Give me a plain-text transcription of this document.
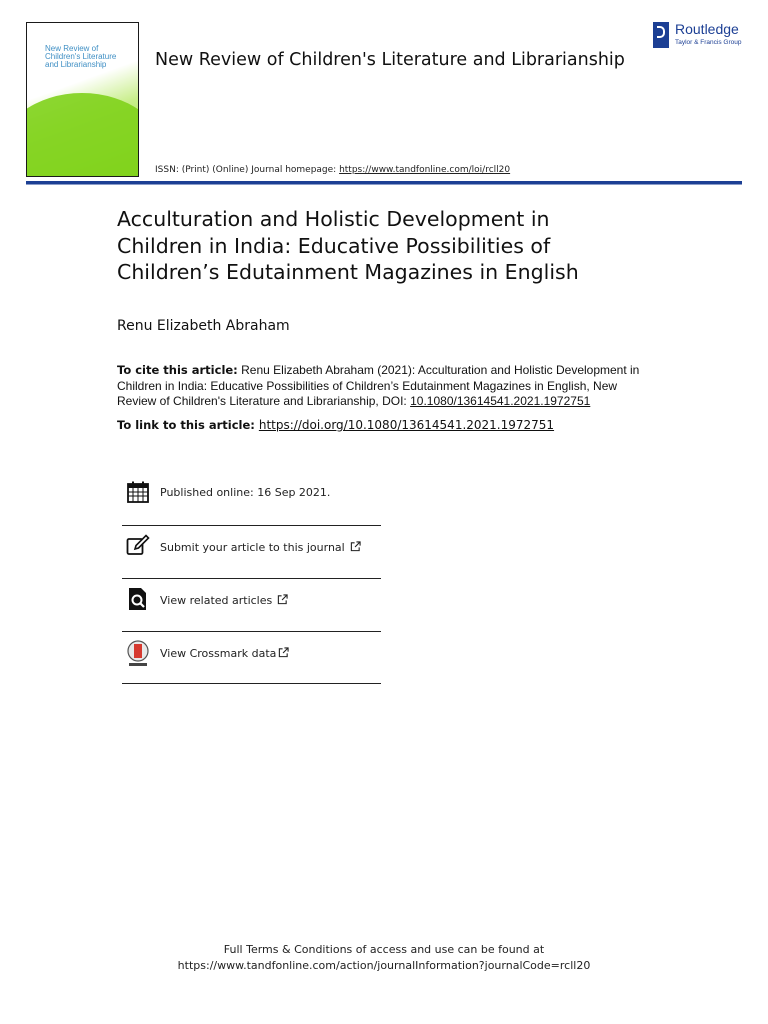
New Review of Children's Literature and Librarianship	New Review of Children's Literature and Librarianship
ISSN: (Print) (Online) Journal homepage: https://www.tandfonline.com/loi/rcll20
Routledge
Taylor & Francis Group
Acculturation and Holistic Development in
Children in India: Educative Possibilities of
Children’s Edutainment Magazines in English
Renu Elizabeth Abraham
To cite this article: Renu Elizabeth Abraham (2021): Acculturation and Holistic Development in Children in India: Educative Possibilities of Children’s Edutainment Magazines in English, New Review of Children's Literature and Librarianship, DOI: 10.1080/13614541.2021.1972751
To link to this article: https://doi.org/10.1080/13614541.2021.1972751
Published online: 16 Sep 2021.
Submit your article to this journal
View related articles
View Crossmark data
Full Terms & Conditions of access and use can be found at
https://www.tandfonline.com/action/journalInformation?journalCode=rcll20
